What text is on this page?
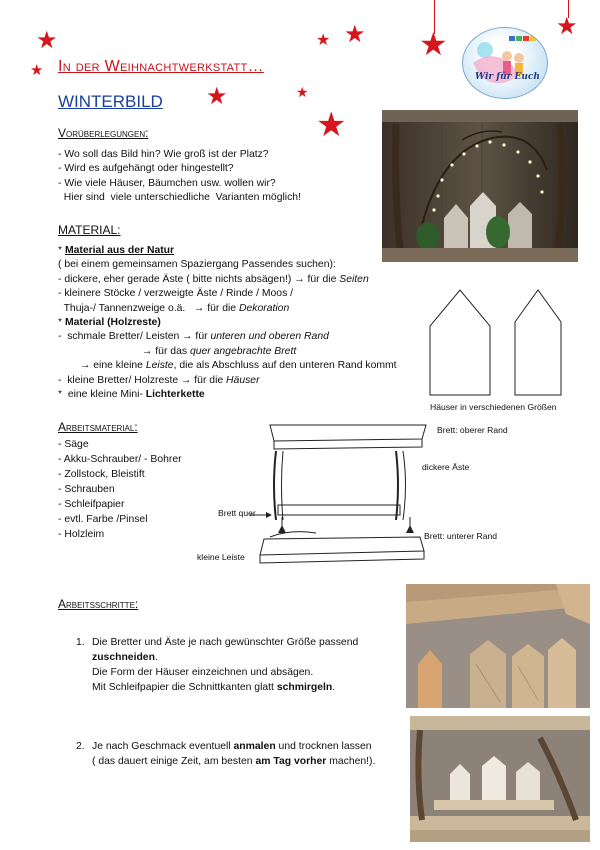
★
★
★	★
★ ★
★
★	★
Wir für Euch
In der Weihnachtwerkstatt…
WINTERBILD
Vorüberlegungen:
- Wo soll das Bild hin? Wie groß ist der Platz?
- Wird es aufgehängt oder hingestellt?
- Wie viele Häuser, Bäumchen usw. wollen wir?
Hier sind  viele unterschiedliche  Varianten möglich!
MATERIAL:
* Material aus der Natur
( bei einem gemeinsamen Spaziergang Passendes suchen):
- dickere, eher gerade Äste ( bitte nichts absägen!) → für die Seiten
- kleinere Stöcke / verzweigte Äste / Rinde / Moos /
Thuja-/ Tannenzweige o.ä.   → für die Dekoration
* Material (Holzreste)
-  schmale Bretter/ Leisten → für unteren und oberen Rand
→ für das quer angebrachte Brett
→ eine kleine Leiste, die als Abschluss auf den unteren Rand kommt
-  kleine Bretter/ Holzreste → für die Häuser
*  eine kleine Mini- Lichterkette
Häuser in verschiedenen Größen
Arbeitsmaterial:
- Säge
- Akku-Schrauber/ - Bohrer
- Zollstock, Bleistift
- Schrauben
- Schleifpapier
- evtl. Farbe /Pinsel
- Holzleim
Brett: oberer Rand
dickere Äste
Brett quer
Brett: unterer Rand
kleine Leiste
Arbeitsschritte:
1. Die Bretter und Äste je nach gewünschter Größe passend
zuschneiden.
Die Form der Häuser einzeichnen und absägen.
Mit Schleifpapier die Schnittkanten glatt schmirgeln.
2. Je nach Geschmack eventuell anmalen und trocknen lassen
( das dauert einige Zeit, am besten am Tag vorher machen!).
